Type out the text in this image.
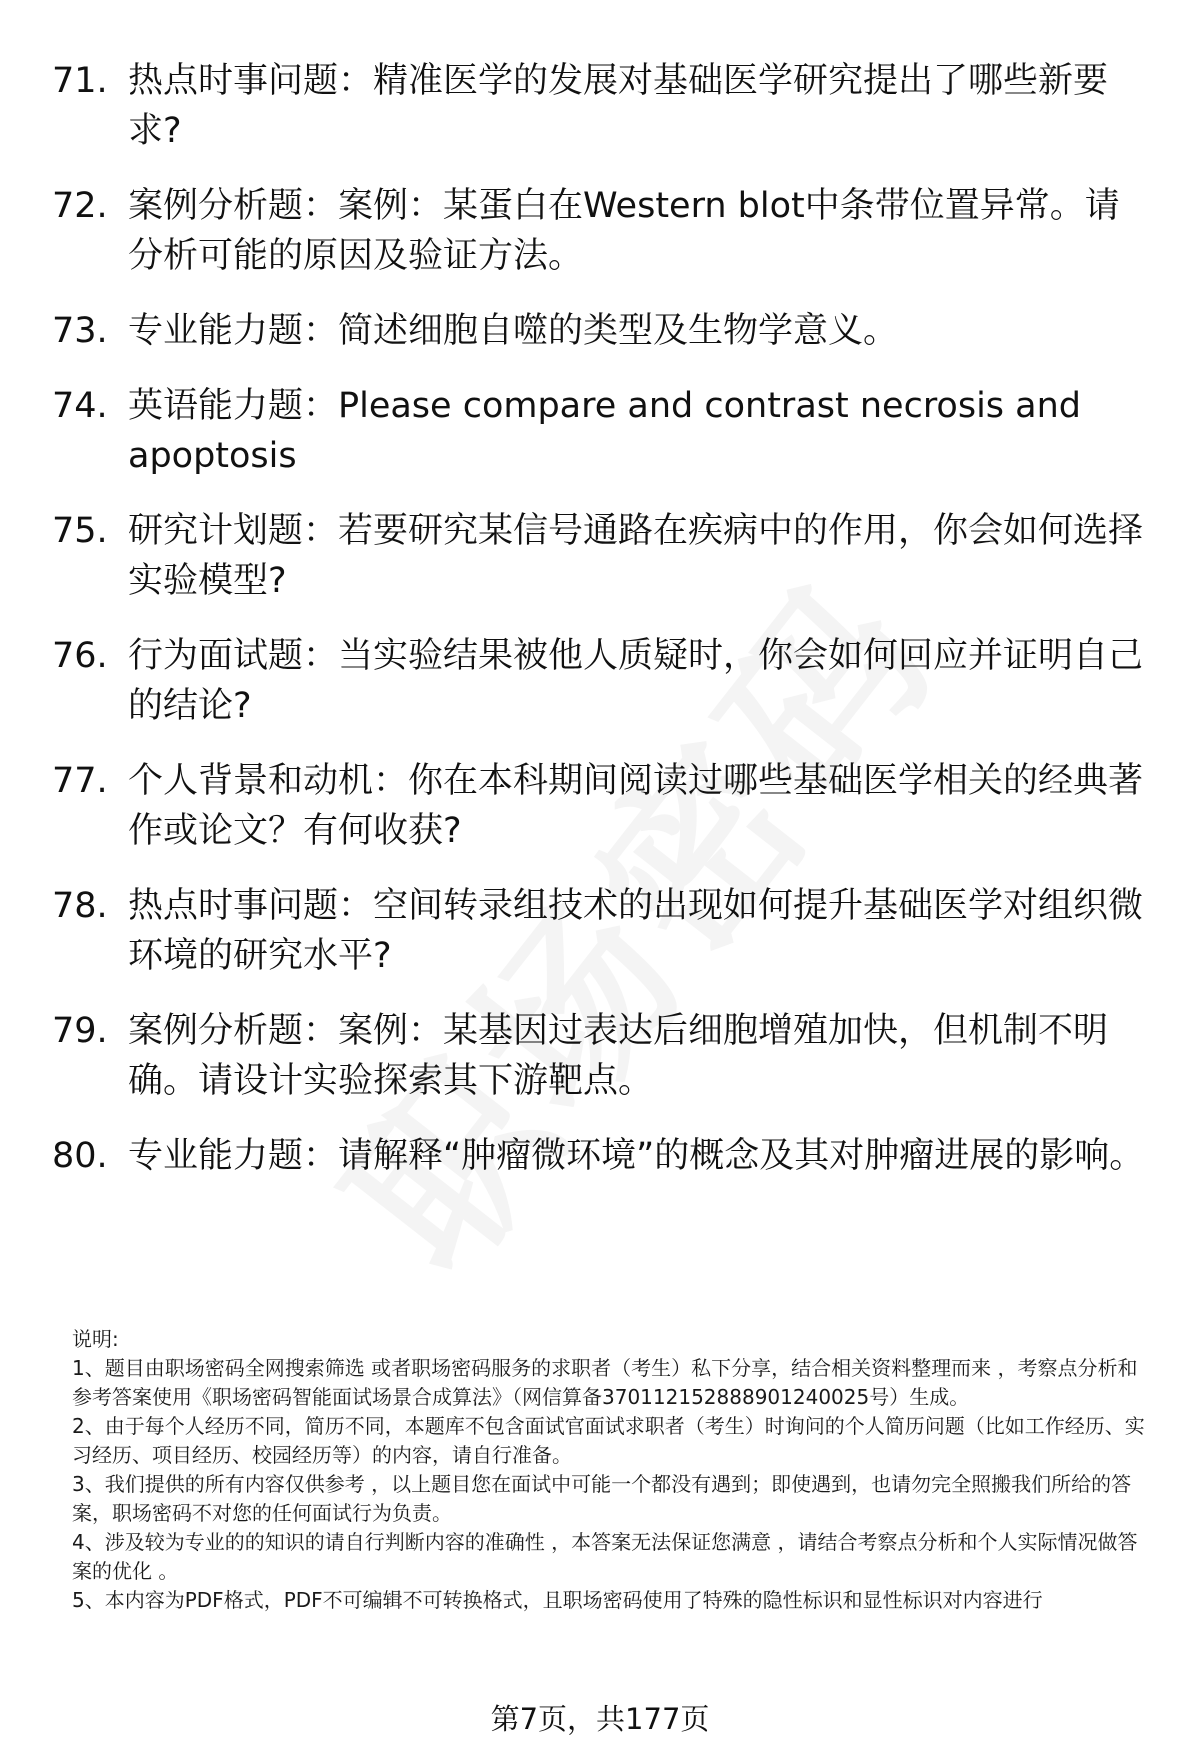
71. 热点时事问题：精准医学的发展对基础医学研究提出了哪些新要求?
72. 案例分析题：案例：某蛋白在Western blot中条带位置异常。请分析可能的原因及验证方法。
73. 专业能力题：简述细胞自噬的类型及生物学意义。
74. 英语能力题：Please compare and contrast necrosis and apoptosis
75. 研究计划题：若要研究某信号通路在疾病中的作用，你会如何选择实验模型?
76. 行为面试题：当实验结果被他人质疑时，你会如何回应并证明自己的结论?
77. 个人背景和动机：你在本科期间阅读过哪些基础医学相关的经典著作或论文？有何收获?
78. 热点时事问题：空间转录组技术的出现如何提升基础医学对组织微环境的研究水平?
79. 案例分析题：案例：某基因过表达后细胞增殖加快，但机制不明确。请设计实验探索其下游靶点。
80. 专业能力题：请解释“肿瘤微环境”的概念及其对肿瘤进展的影响。

说明:

1、题目由职场密码全网搜索筛选 或者职场密码服务的求职者（考生）私下分享，结合相关资料整理而来 ，考察点分析和参考答案使用《职场密码智能面试场景合成算法》（网信算备370112152888901240025号）生成。

2、由于每个人经历不同，简历不同，本题库不包含面试官面试求职者（考生）时询问的个人简历问题（比如工作经历、实习经历、项目经历、校园经历等）的内容，请自行准备。

3、我们提供的所有内容仅供参考 ，以上题目您在面试中可能一个都没有遇到；即使遇到，也请勿完全照搬我们所给的答案，职场密码不对您的任何面试行为负责。

4、涉及较为专业的的知识的请自行判断内容的准确性 ，本答案无法保证您满意 ，请结合考察点分析和个人实际情况做答案的优化 。

5、本内容为PDF格式，PDF不可编辑不可转换格式，且职场密码使用了特殊的隐性标识和显性标识对内容进行

第7页，共177页
